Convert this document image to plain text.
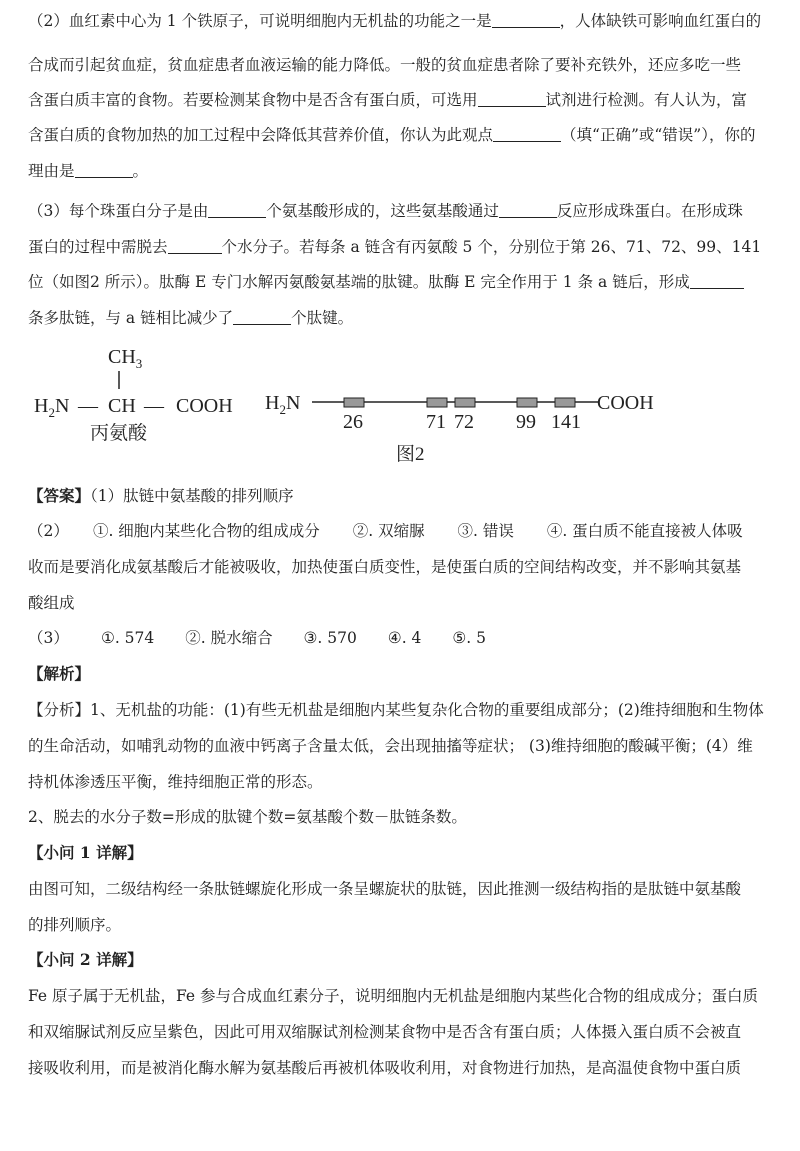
（2）血红素中心为 1 个铁原子，可说明细胞内无机盐的功能之一是	，人体缺铁可影响血红蛋白的
合成而引起贫血症，贫血症患者血液运输的能力降低。一般的贫血症患者除了要补充铁外，还应多吃一些
含蛋白质丰富的食物。若要检测某食物中是否含有蛋白质，可选用	试剂进行检测。有人认为，富
含蛋白质的食物加热的加工过程中会降低其营养价值，你认为此观点	（填“正确”或“错误”），你的
理由是	。
（3）每个珠蛋白分子是由	个氨基酸形成的，这些氨基酸通过	反应形成珠蛋白。在形成珠
蛋白的过程中需脱去	个水分子。若每条 a 链含有丙氨酸 5 个，分别位于第 26、71、72、99、141
位（如图2 所示）。肽酶 E 专门水解丙氨酸氨基端的肽键。肽酶 E 完全作用于 1 条 a 链后，形成
条多肽链，与 a 链相比减少了	个肽键。
$CH_3$
$H_2N$ — CH — COOH
丙氨酸
$H_2N$	COOH
26	71 72 99 141
图2
【答案】（1）肽链中氨基酸的排列顺序
（2） ①. 细胞内某些化合物的组成成分 ②. 双缩脲 ③. 错误 ④. 蛋白质不能直接被人体吸
收而是要消化成氨基酸后才能被吸收，加热使蛋白质变性，是使蛋白质的空间结构改变，并不影响其氨基
酸组成
（3） ①. 574 ②. 脱水缩合 ③. 570 ④. 4 ⑤. 5
【解析】
【分析】1、无机盐的功能：(1)有些无机盐是细胞内某些复杂化合物的重要组成部分；(2)维持细胞和生物体
的生命活动，如哺乳动物的血液中钙离子含量太低，会出现抽搐等症状； (3)维持细胞的酸碱平衡；(4）维
持机体渗透压平衡，维持细胞正常的形态。
2、脱去的水分子数=形成的肽键个数=氨基酸个数－肽链条数。
【小问 1 详解】
由图可知，二级结构经一条肽链螺旋化形成一条呈螺旋状的肽链，因此推测一级结构指的是肽链中氨基酸
的排列顺序。
【小问 2 详解】
Fe 原子属于无机盐，Fe 参与合成血红素分子，说明细胞内无机盐是细胞内某些化合物的组成成分；蛋白质
和双缩脲试剂反应呈紫色，因此可用双缩脲试剂检测某食物中是否含有蛋白质；人体摄入蛋白质不会被直
接吸收利用，而是被消化酶水解为氨基酸后再被机体吸收利用，对食物进行加热，是高温使食物中蛋白质
